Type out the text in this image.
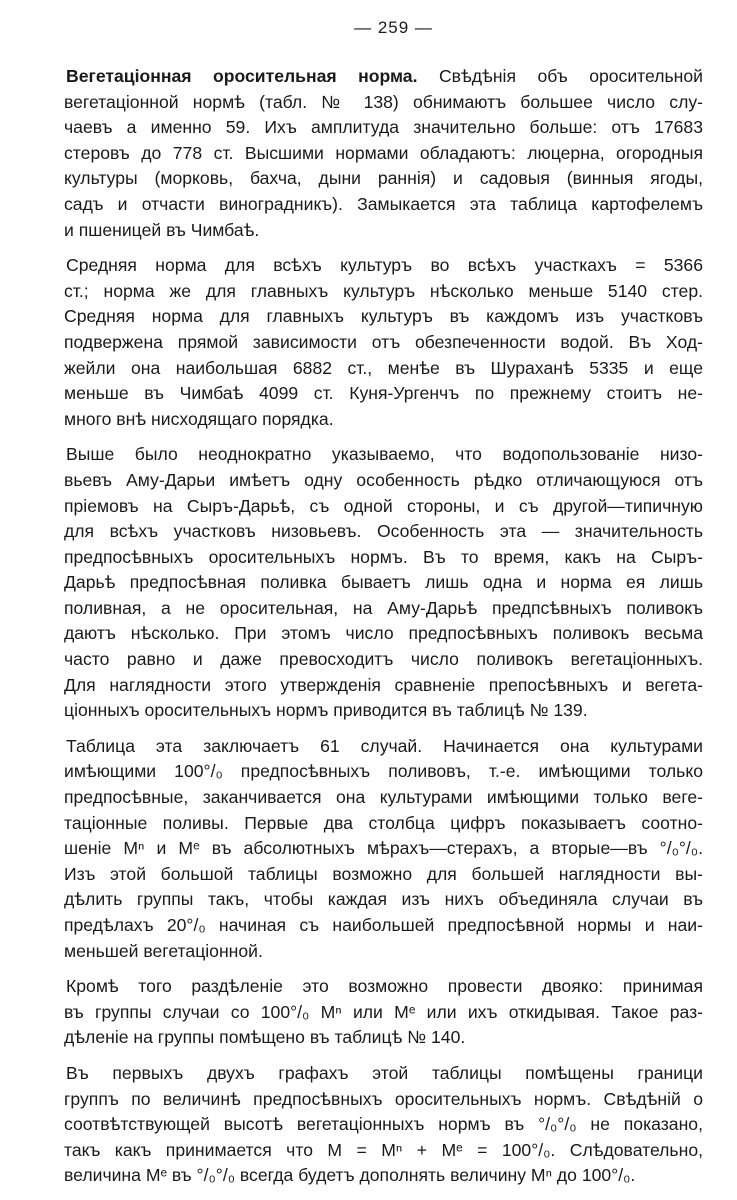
— 259 —
Вегетаціонная оросительная норма. Свѣдѣнія объ оросительной
вегетаціонной нормѣ (табл. № 138) обнимаютъ большее число слу-
чаевъ а именно 59. Ихъ амплитуда значительно больше: отъ 17683
стеровъ до 778 ст. Высшими нормами обладаютъ: люцерна, огородныя
культуры (морковь, бахча, дыни раннія) и садовыя (винныя ягоды,
садъ и отчасти виноградникъ). Замыкается эта таблица картофелемъ
и пшеницей въ Чимбаѣ.
Средняя норма для всѣхъ культуръ во всѣхъ участкахъ = 5366
ст.; норма же для главныхъ культуръ нѣсколько меньше 5140 стер.
Средняя норма для главныхъ культуръ въ каждомъ изъ участковъ
подвержена прямой зависимости отъ обезпеченности водой. Въ Ход-
жейли она наибольшая 6882 ст., менѣе въ Шураханѣ 5335 и еще
меньше въ Чимбаѣ 4099 ст. Куня-Ургенчъ по прежнему стоитъ не-
много внѣ нисходящаго порядка.
Выше было неоднократно указываемо, что водопользованіе низо-
вьевъ Аму-Дарьи имѣетъ одну особенность рѣдко отличающуюся отъ
пріемовъ на Сыръ-Дарьѣ, съ одной стороны, и съ другой—типичную
для всѣхъ участковъ низовьевъ. Особенность эта — значительность
предпосѣвныхъ оросительныхъ нормъ. Въ то время, какъ на Сыръ-
Дарьѣ предпосѣвная поливка бываетъ лишь одна и норма ея лишь
поливная, а не оросительная, на Аму-Дарьѣ предпсѣвныхъ поливокъ
даютъ нѣсколько. При этомъ число предпосѣвныхъ поливокъ весьма
часто равно и даже превосходитъ число поливокъ вегетаціонныхъ.
Для наглядности этого утвержденія сравненіе препосѣвныхъ и вегета-
ціонныхъ оросительныхъ нормъ приводится въ таблицѣ № 139.
Таблица эта заключаетъ 61 случай. Начинается она культурами
имѣющими 100°/₀ предпосѣвныхъ поливовъ, т.-е. имѣющими только
предпосѣвные, заканчивается она культурами имѣющими только веге-
таціонные поливы. Первые два столбца цифръ показываетъ соотно-
шеніе Мⁿ и Мᵉ въ абсолютныхъ мѣрахъ—стерахъ, а вторые—въ °/₀°/₀.
Изъ этой большой таблицы возможно для большей наглядности вы-
дѣлить группы такъ, чтобы каждая изъ нихъ объединяла случаи въ
предѣлахъ 20°/₀ начиная съ наибольшей предпосѣвной нормы и наи-
меньшей вегетаціонной.
Кромѣ того раздѣленіе это возможно провести двояко: принимая
въ группы случаи со 100°/₀ Мⁿ или Мᵉ или ихъ откидывая. Такое раз-
дѣленіе на группы помѣщено въ таблицѣ № 140.
Въ первыхъ двухъ графахъ этой таблицы помѣщены граници
группъ по величинѣ предпосѣвныхъ оросительныхъ нормъ. Свѣдѣній о
соотвѣтствующей высотѣ вегетаціонныхъ нормъ въ °/₀°/₀ не показано,
такъ какъ принимается что М = Мⁿ + Мᵉ = 100°/₀. Слѣдовательно,
величина Мᵉ въ °/₀°/₀ всегда будетъ дополнять величину Мⁿ до 100°/₀.
